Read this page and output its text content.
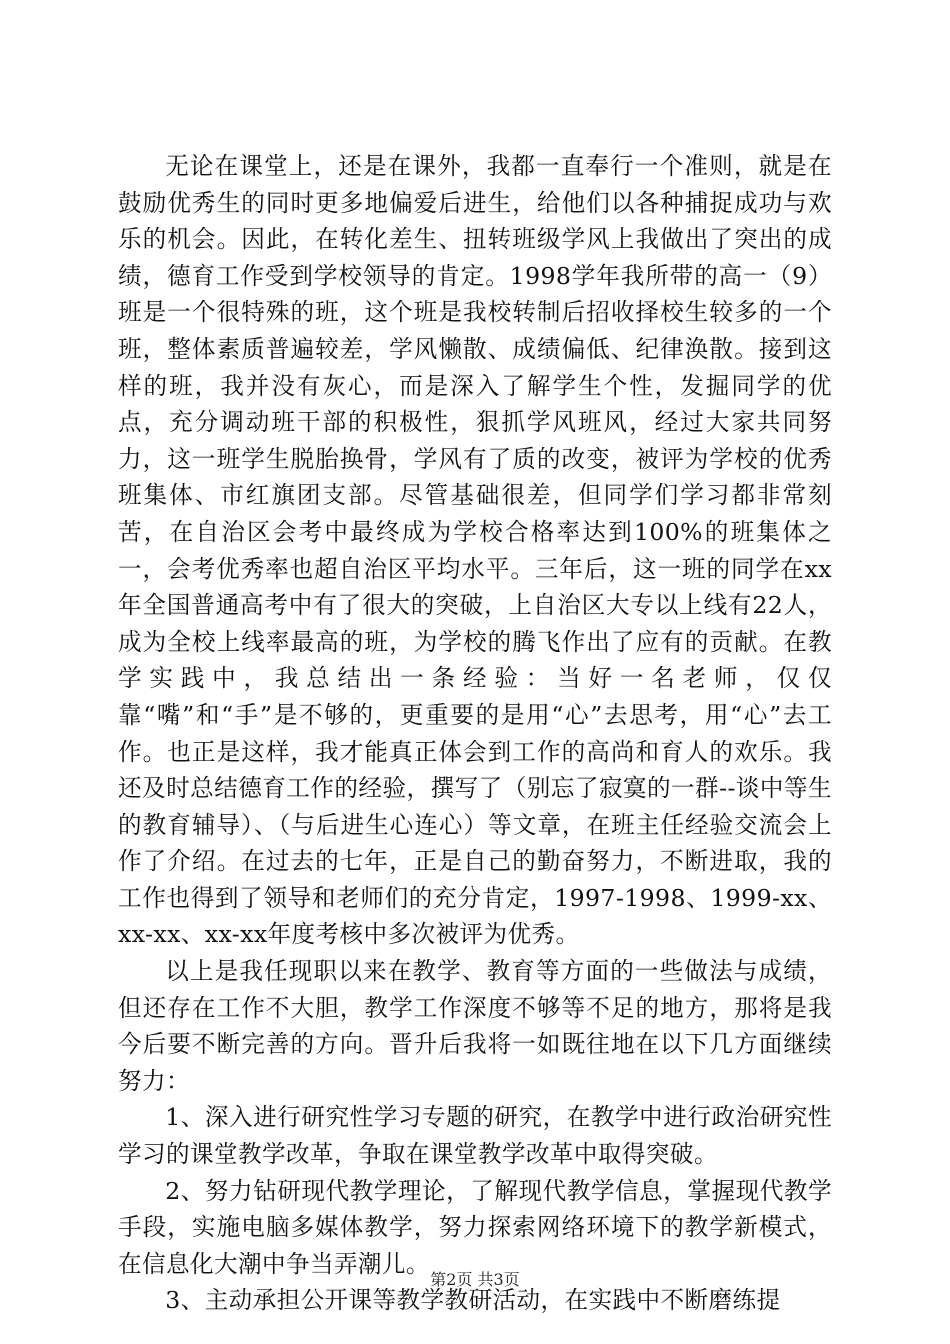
无论在课堂上，还是在课外，我都一直奉行一个准则，就是在鼓励优秀生的同时更多地偏爱后进生，给他们以各种捕捉成功与欢乐的机会。因此，在转化差生、扭转班级学风上我做出了突出的成绩，德育工作受到学校领导的肯定。1998学年我所带的高一（9）班是一个很特殊的班，这个班是我校转制后招收择校生较多的一个班，整体素质普遍较差，学风懒散、成绩偏低、纪律涣散。接到这样的班，我并没有灰心，而是深入了解学生个性，发掘同学的优点，充分调动班干部的积极性，狠抓学风班风，经过大家共同努力，这一班学生脱胎换骨，学风有了质的改变，被评为学校的优秀班集体、市红旗团支部。尽管基础很差，但同学们学习都非常刻苦，在自治区会考中最终成为学校合格率达到100%的班集体之一，会考优秀率也超自治区平均水平。三年后，这一班的同学在xx年全国普通高考中有了很大的突破，上自治区大专以上线有22人，成为全校上线率最高的班，为学校的腾飞作出了应有的贡献。在教学实践中，我总结出一条经验：当好一名老师，仅仅靠“嘴”和“手”是不够的，更重要的是用“心”去思考，用“心”去工作。也正是这样，我才能真正体会到工作的高尚和育人的欢乐。我还及时总结德育工作的经验，撰写了（别忘了寂寞的一群--谈中等生的教育辅导）、（与后进生心连心）等文章，在班主任经验交流会上作了介绍。在过去的七年，正是自己的勤奋努力，不断进取，我的工作也得到了领导和老师们的充分肯定，1997-1998、1999-xx、xx-xx、xx-xx年度考核中多次被评为优秀。

以上是我任现职以来在教学、教育等方面的一些做法与成绩，但还存在工作不大胆，教学工作深度不够等不足的地方，那将是我今后要不断完善的方向。晋升后我将一如既往地在以下几方面继续努力：

1、深入进行研究性学习专题的研究，在教学中进行政治研究性学习的课堂教学改革，争取在课堂教学改革中取得突破。

2、努力钻研现代教学理论，了解现代教学信息，掌握现代教学手段，实施电脑多媒体教学，努力探索网络环境下的教学新模式，在信息化大潮中争当弄潮儿。

3、主动承担公开课等教学教研活动，在实践中不断磨练提

第2页 共3页
